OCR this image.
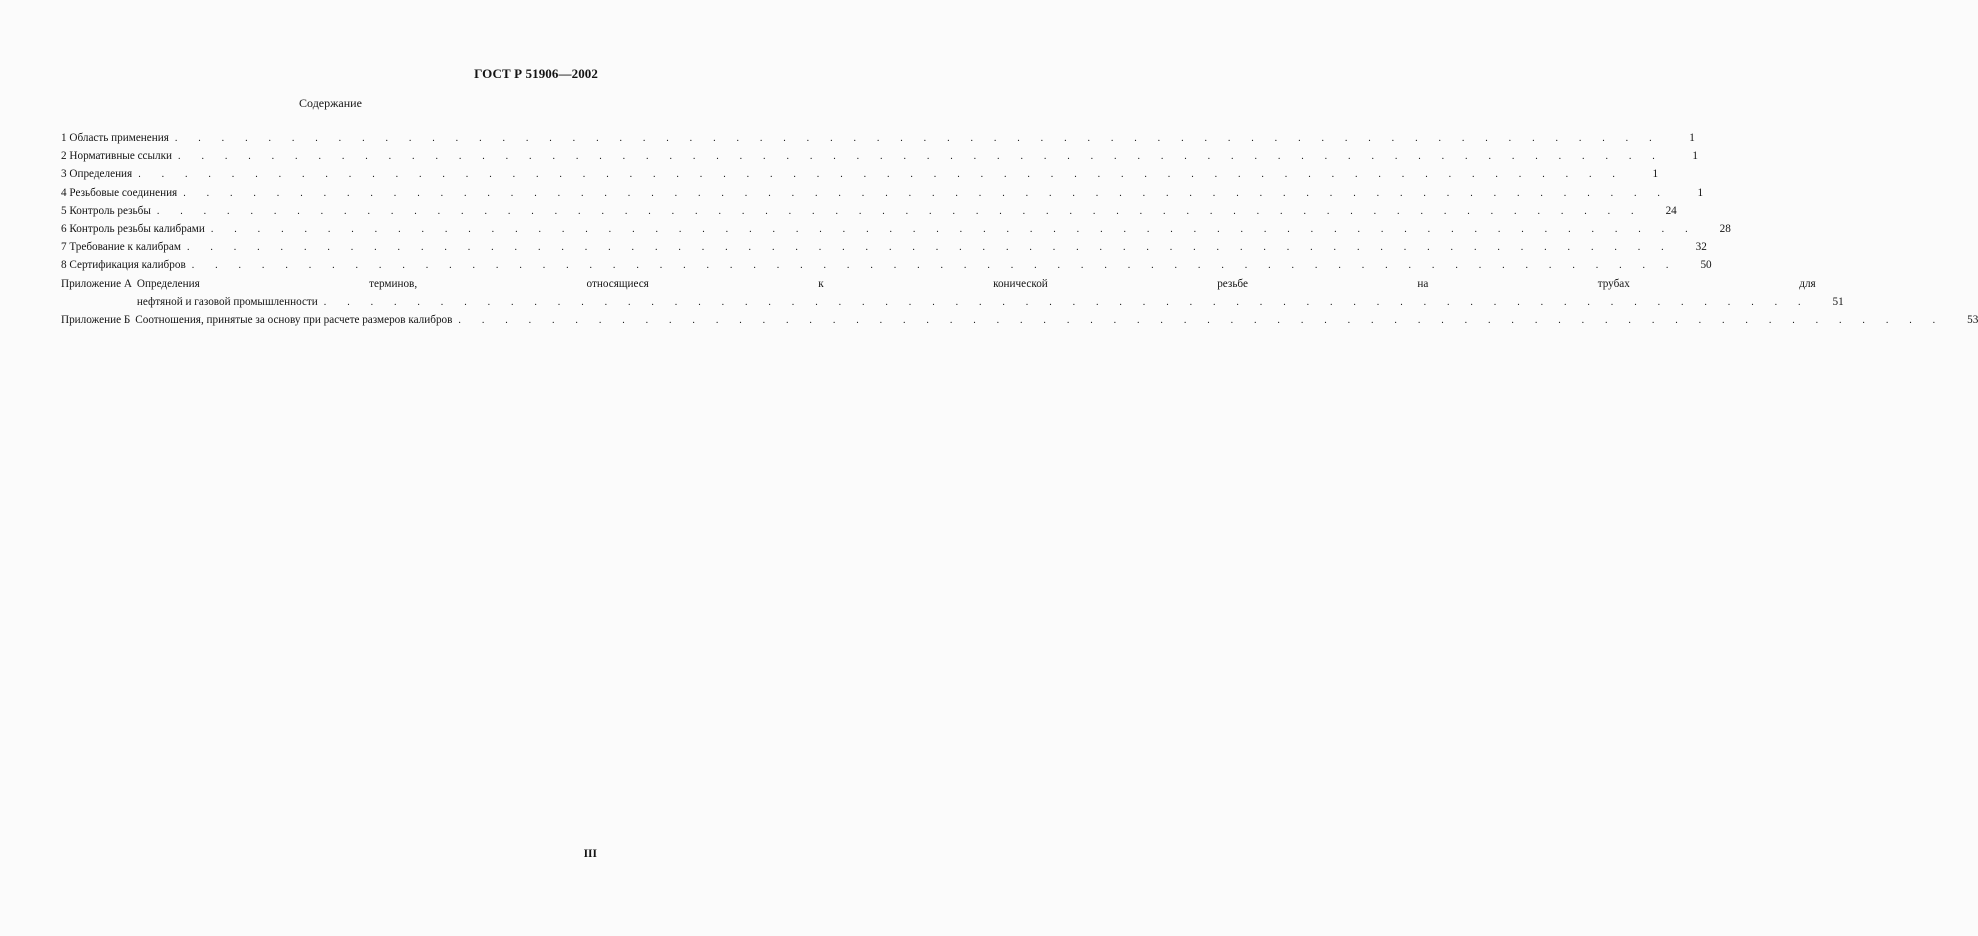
ГОСТ Р 51906—2002
Содержание
1 Область применения . . .	1
2 Нормативные ссылки . . .	1
3 Определения . . .	1
4 Резьбовые соединения . . .	1
5 Контроль резьбы . . .	24
6 Контроль резьбы калибрами . . .	28
7 Требование к калибрам . . .	32
8 Сертификация калибров . . .	50
Приложение А Определения терминов, относящиеся к конической резьбе на трубах для
нефтяной и газовой промышленности . . .	51
Приложение Б Соотношения, принятые за основу при расчете размеров калибров . . .	53
III
